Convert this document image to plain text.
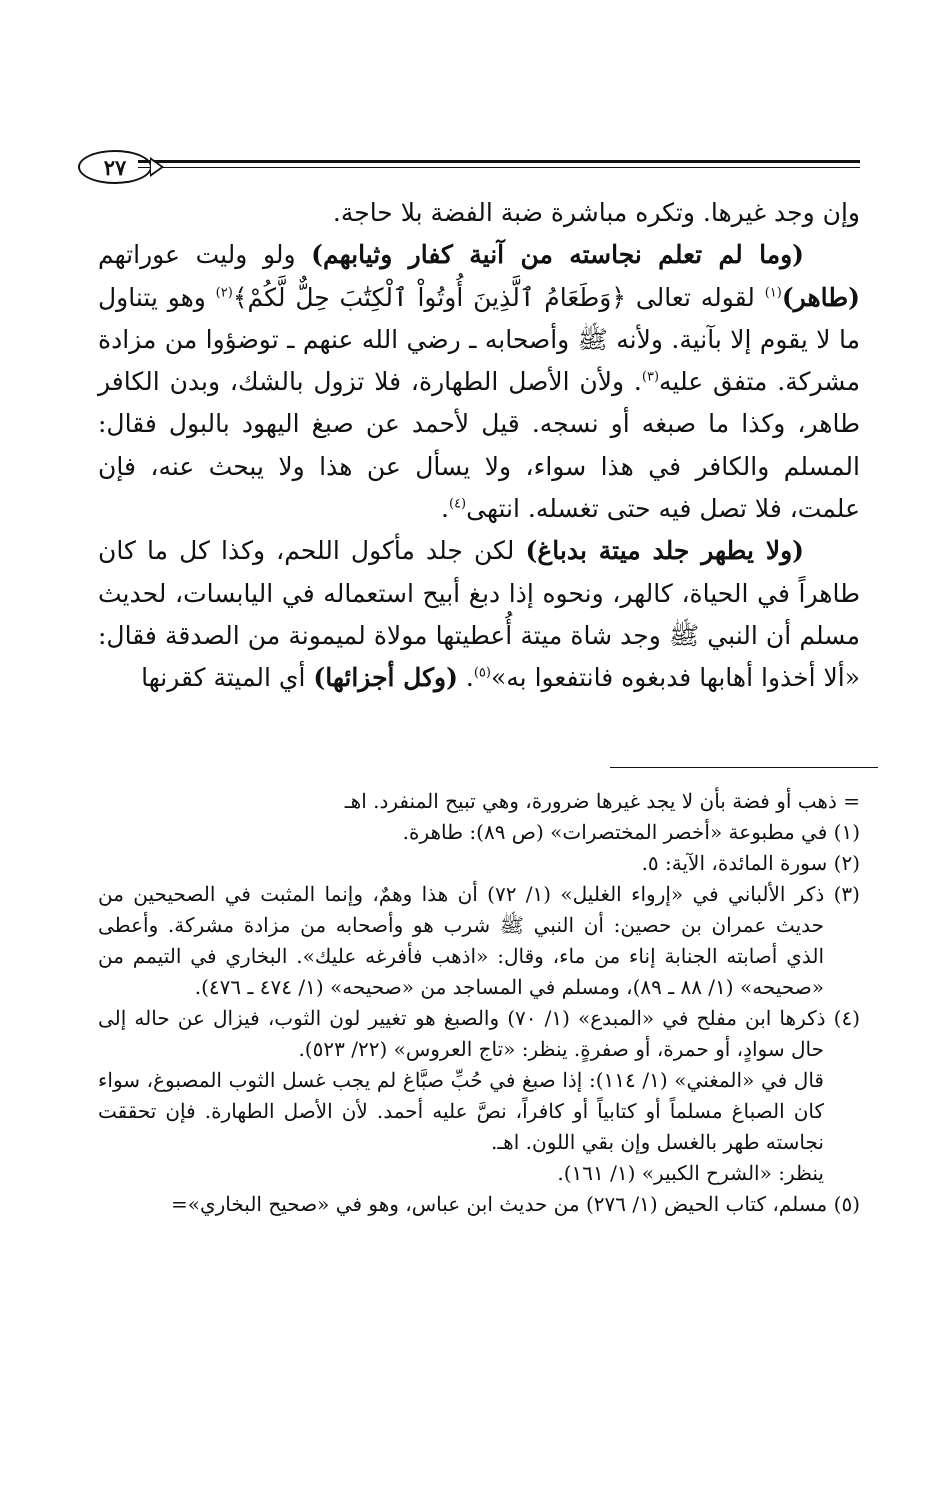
٢٧

وإن وجد غيرها. وتكره مباشرة ضبة الفضة بلا حاجة.

(وما لم تعلم نجاسته من آنية كفار وثيابهم) ولو وليت عوراتهم (طاهر)$^{(١)}$ لقوله تعالى ﴿وَطَعَامُ ٱلَّذِينَ أُوتُواْ ٱلْكِتَٰبَ حِلٌّ لَّكُمْ﴾$^{(٢)}$ وهو يتناول ما لا يقوم إلا بآنية. ولأنه ﷺ وأصحابه ـ رضي الله عنهم ـ توضؤوا من مزادة مشركة. متفق عليه$^{(٣)}$. ولأن الأصل الطهارة، فلا تزول بالشك، وبدن الكافر طاهر، وكذا ما صبغه أو نسجه. قيل لأحمد عن صبغ اليهود بالبول فقال: المسلم والكافر في هذا سواء، ولا يسأل عن هذا ولا يبحث عنه، فإن علمت، فلا تصل فيه حتى تغسله. انتهى$^{(٤)}$.

(ولا يطهر جلد ميتة بدباغ) لكن جلد مأكول اللحم، وكذا كل ما كان طاهراً في الحياة، كالهر، ونحوه إذا دبغ أبيح استعماله في اليابسات، لحديث مسلم أن النبي ﷺ وجد شاة ميتة أُعطيتها مولاة لميمونة من الصدقة فقال: «ألا أخذوا أهابها فدبغوه فانتفعوا به»$^{(٥)}$. (وكل أجزائها) أي الميتة كقرنها

= ذهب أو فضة بأن لا يجد غيرها ضرورة، وهي تبيح المنفرد. اهـ

(١) في مطبوعة «أخصر المختصرات» (ص ٨٩): طاهرة.

(٢) سورة المائدة، الآية: ٥.

(٣) ذكر الألباني في «إرواء الغليل» (١/ ٧٢) أن هذا وهمٌ، وإنما المثبت في الصحيحين من حديث عمران بن حصين: أن النبي ﷺ شرب هو وأصحابه من مزادة مشركة. وأعطى الذي أصابته الجنابة إناء من ماء، وقال: «اذهب فأفرغه عليك». البخاري في التيمم من «صحيحه» (١/ ٨٨ ـ ٨٩)، ومسلم في المساجد من «صحيحه» (١/ ٤٧٤ ـ ٤٧٦).

(٤) ذكرها ابن مفلح في «المبدع» (١/ ٧٠) والصبغ هو تغيير لون الثوب، فيزال عن حاله إلى حال سوادٍ، أو حمرة، أو صفرةٍ. ينظر: «تاج العروس» (٢٢/ ٥٢٣).

قال في «المغني» (١/ ١١٤): إذا صبغ في حُبِّ صبَّاغ لم يجب غسل الثوب المصبوغ، سواء كان الصباغ مسلماً أو كتابياً أو كافراً، نصَّ عليه أحمد. لأن الأصل الطهارة. فإن تحققت نجاسته طهر بالغسل وإن بقي اللون. اهـ.

ينظر: «الشرح الكبير» (١/ ١٦١).

(٥) مسلم، كتاب الحيض (١/ ٢٧٦) من حديث ابن عباس، وهو في «صحيح البخاري»=
